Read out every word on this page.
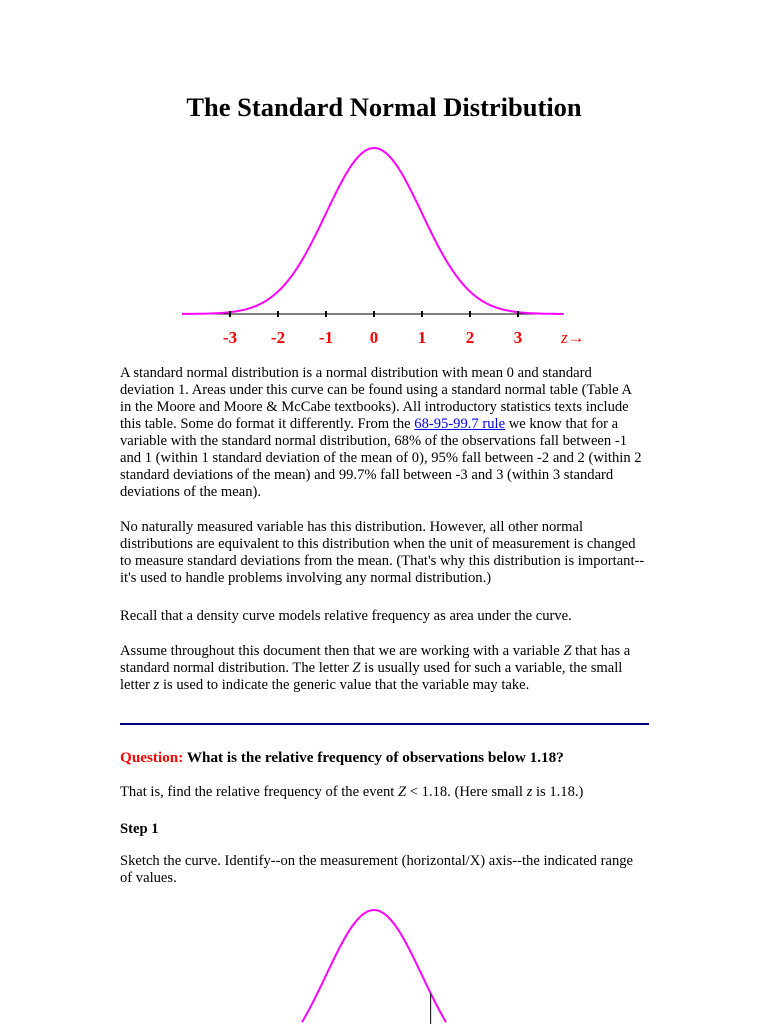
The Standard Normal Distribution
-3 -2 -1 0 1 2 3 z→

A standard normal distribution is a normal distribution with mean 0 and standard deviation 1. Areas under this curve can be found using a standard normal table (Table A in the Moore and Moore & McCabe textbooks). All introductory statistics texts include this table. Some do format it differently. From the 68-95-99.7 rule we know that for a variable with the standard normal distribution, 68% of the observations fall between -1 and 1 (within 1 standard deviation of the mean of 0), 95% fall between -2 and 2 (within 2 standard deviations of the mean) and 99.7% fall between -3 and 3 (within 3 standard deviations of the mean).

No naturally measured variable has this distribution. However, all other normal distributions are equivalent to this distribution when the unit of measurement is changed to measure standard deviations from the mean. (That's why this distribution is important--it's used to handle problems involving any normal distribution.)

Recall that a density curve models relative frequency as area under the curve.

Assume throughout this document then that we are working with a variable Z that has a standard normal distribution. The letter Z is usually used for such a variable, the small letter z is used to indicate the generic value that the variable may take.

Question: What is the relative frequency of observations below 1.18?

That is, find the relative frequency of the event Z < 1.18. (Here small z is 1.18.)

Step 1

Sketch the curve. Identify--on the measurement (horizontal/X) axis--the indicated range of values.
